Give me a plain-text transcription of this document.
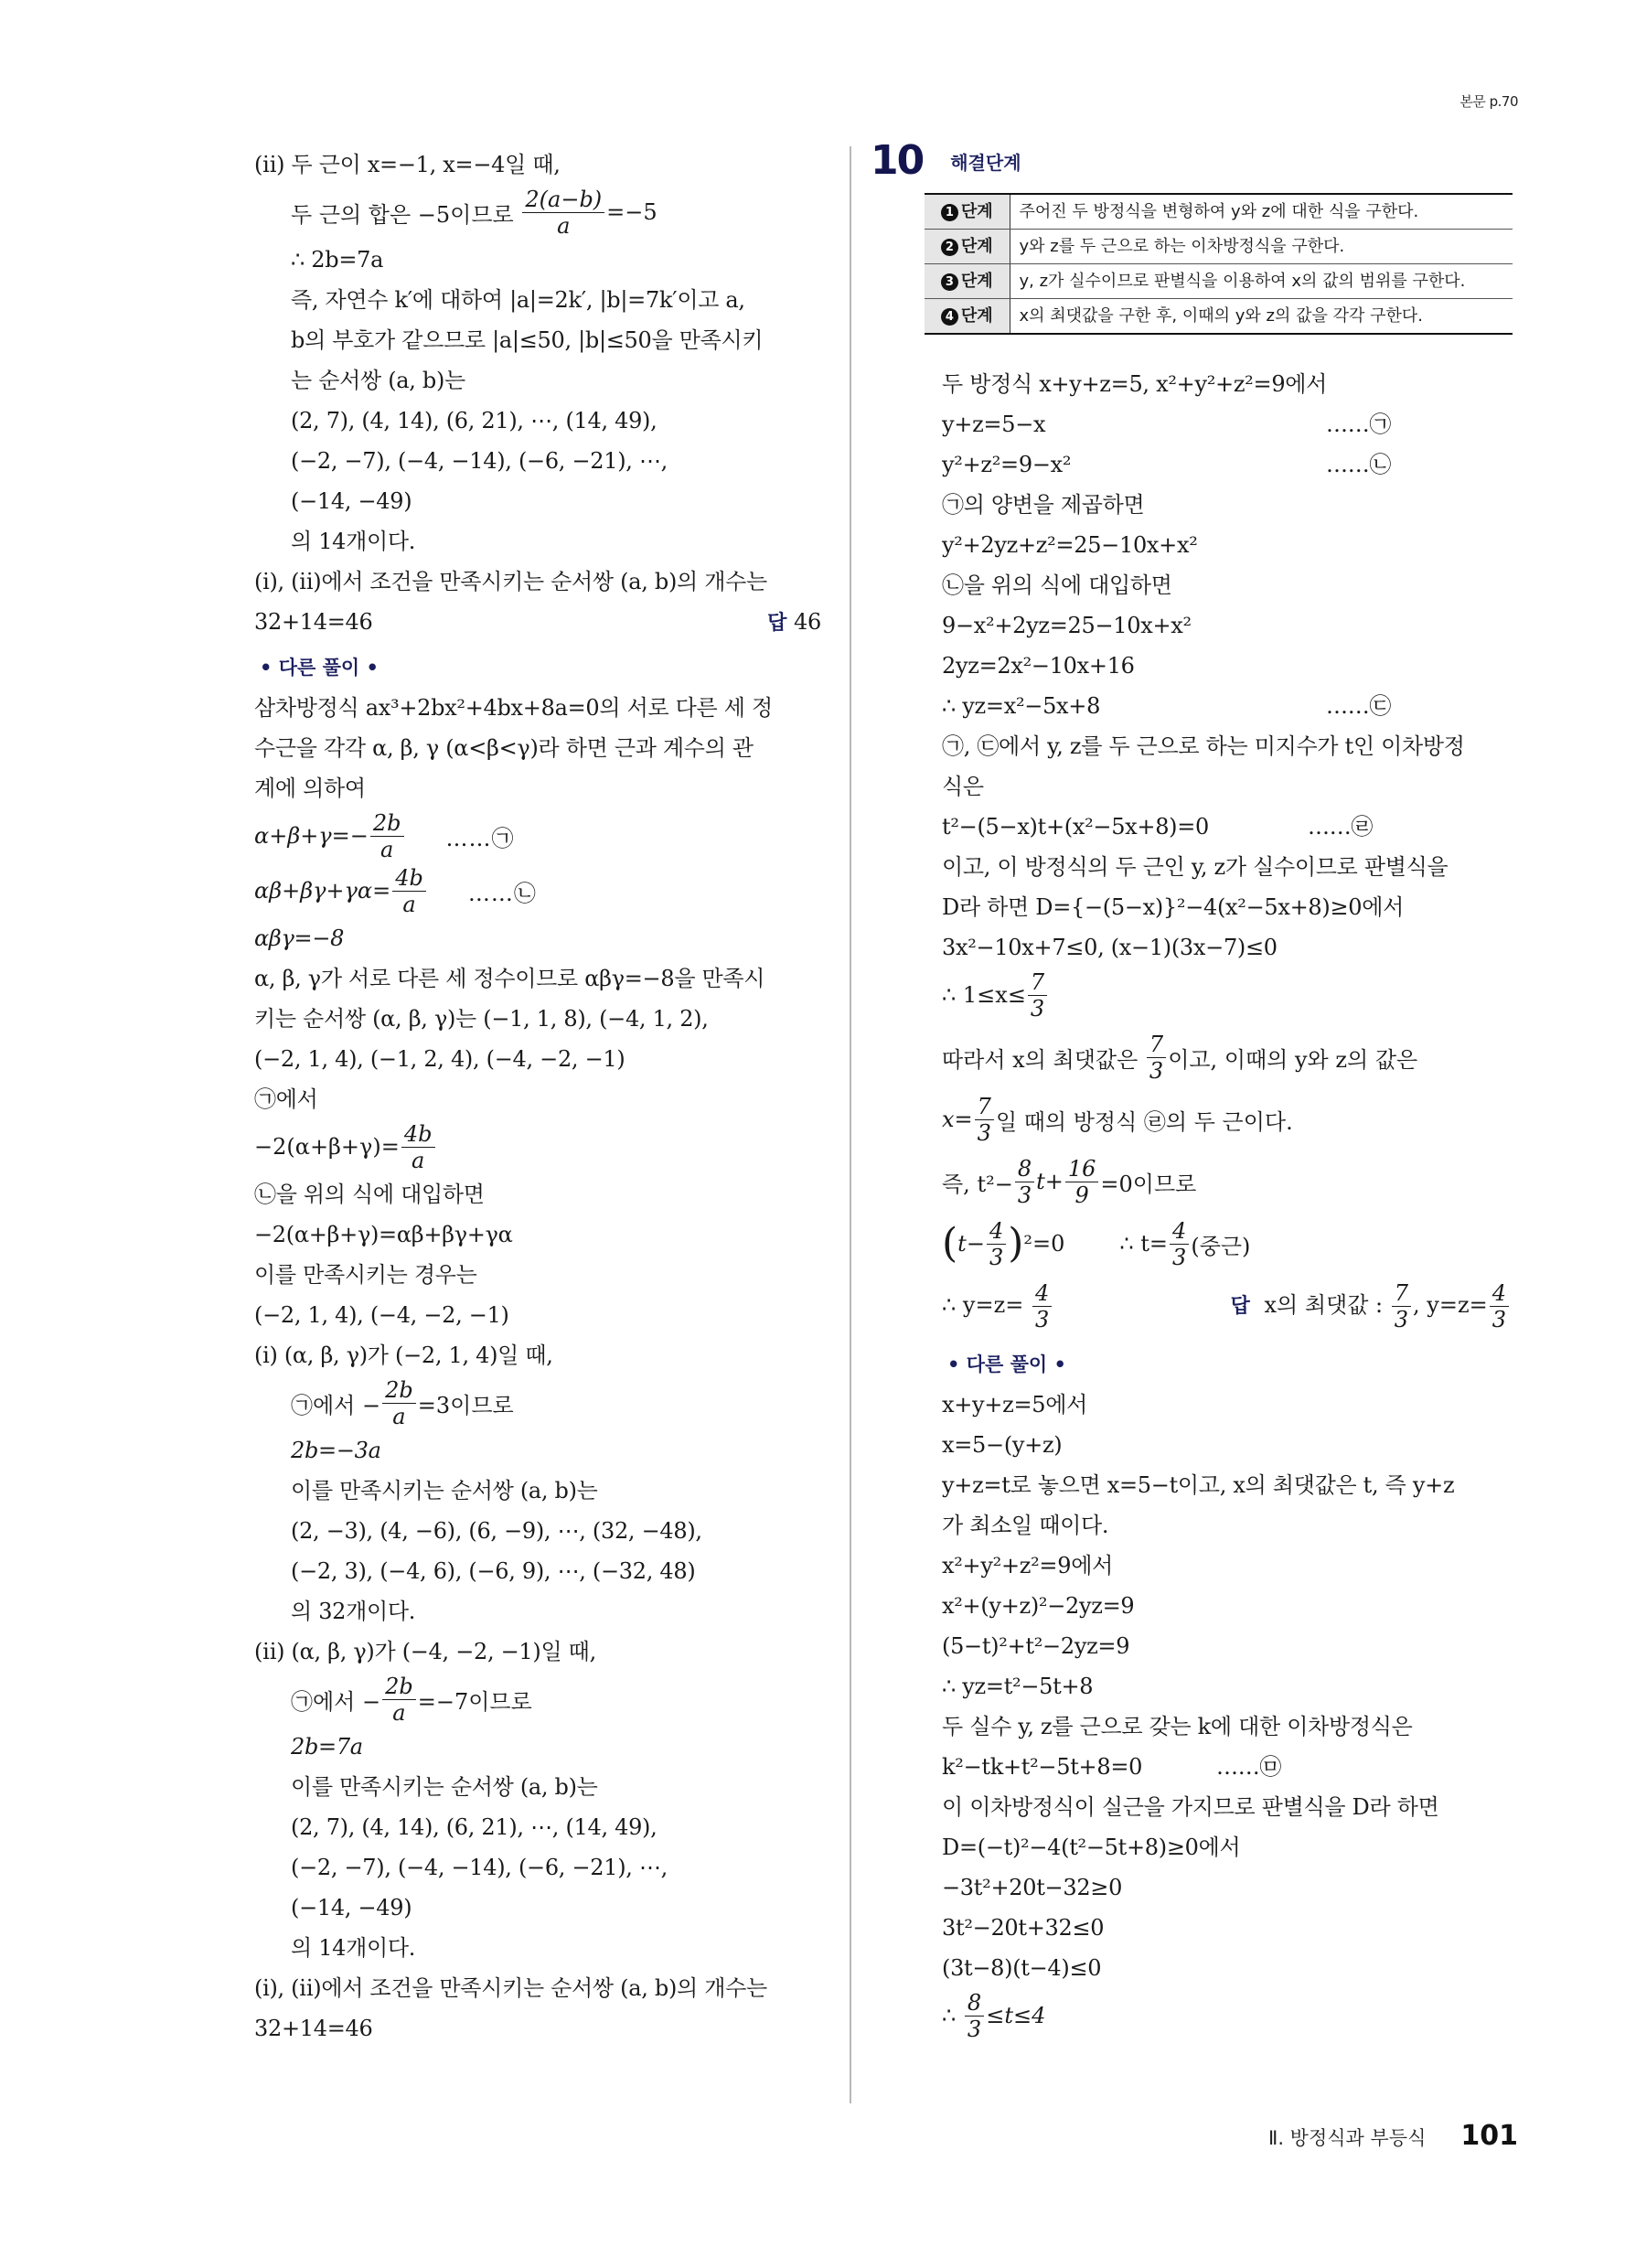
본문 p.70
(ⅱ) 두 근이 x=−1, x=−4일 때,
두 근의 합은 −5이므로
$\frac{2(a-b)}{a} =-5$
∴ 2b=7a
즉, 자연수 k′에 대하여 |a|=2k′, |b|=7k′이고 a,
b의 부호가 같으므로 |a|≤50, |b|≤50을 만족시키
는 순서쌍 (a, b)는
(2, 7), (4, 14), (6, 21), ⋯, (14, 49),
(−2, −7), (−4, −14), (−6, −21), ⋯,
(−14, −49)
의 14개이다.
(ⅰ), (ⅱ)에서 조건을 만족시키는 순서쌍 (a, b)의 개수는
32+14=46	답 46
• 다른 풀이 •
삼차방정식 ax³+2bx²+4bx+8a=0의 서로 다른 세 정
수근을 각각 α, β, γ (α<β<γ)라 하면 근과 계수의 관
계에 의하여
$\alpha+\beta+\gamma=- \frac{2b}{a}$ ……㉠
$\alpha\beta+\beta\gamma+\gamma\alpha= \frac{4b}{a}$ ……㉡
αβγ=−8
α, β, γ가 서로 다른 세 정수이므로 αβγ=−8을 만족시
키는 순서쌍 (α, β, γ)는 (−1, 1, 8), (−4, 1, 2),
(−2, 1, 4), (−1, 2, 4), (−4, −2, −1)
㉠에서
$-2(\alpha+\beta+\gamma)= \frac{4b}{a}$
㉡을 위의 식에 대입하면
−2(α+β+γ)=αβ+βγ+γα
이를 만족시키는 경우는
(−2, 1, 4), (−4, −2, −1)
(ⅰ) (α, β, γ)가 (−2, 1, 4)일 때,
㉠에서 − $\frac{2b}{a} =3$이므로
2b=−3a
이를 만족시키는 순서쌍 (a, b)는
(2, −3), (4, −6), (6, −9), ⋯, (32, −48),
(−2, 3), (−4, 6), (−6, 9), ⋯, (−32, 48)
의 32개이다.
(ⅱ) (α, β, γ)가 (−4, −2, −1)일 때,
㉠에서 − $\frac{2b}{a} =-7$이므로
2b=7a
이를 만족시키는 순서쌍 (a, b)는
(2, 7), (4, 14), (6, 21), ⋯, (14, 49),
(−2, −7), (−4, −14), (−6, −21), ⋯,
(−14, −49)
의 14개이다.
(ⅰ), (ⅱ)에서 조건을 만족시키는 순서쌍 (a, b)의 개수는
32+14=46
10 해결단계
1 단계	주어진 두 방정식을 변형하여 y와 z에 대한 식을 구한다.
2 단계	y와 z를 두 근으로 하는 이차방정식을 구한다.
3 단계	y, z가 실수이므로 판별식을 이용하여 x의 값의 범위를 구한다.
4 단계	x의 최댓값을 구한 후, 이때의 y와 z의 값을 각각 구한다.
두 방정식 x+y+z=5, x²+y²+z²=9에서
y+z=5−x	……㉠
y²+z²=9−x²	……㉡
㉠의 양변을 제곱하면
y²+2yz+z²=25−10x+x²
㉡을 위의 식에 대입하면
9−x²+2yz=25−10x+x²
2yz=2x²−10x+16
∴ yz=x²−5x+8	……㉢
㉠, ㉢에서 y, z를 두 근으로 하는 미지수가 t인 이차방정
식은
t²−(5−x)t+(x²−5x+8)=0	……㉣
이고, 이 방정식의 두 근인 y, z가 실수이므로 판별식을
D라 하면 D={−(5−x)}²−4(x²−5x+8)≥0에서
3x²−10x+7≤0, (x−1)(3x−7)≤0
∴ $1\le x\le \frac{7}{3}$
따라서 x의 최댓값은
$\frac{7}{3}$ 이고, 이때의 y와 z의 값은
$x= \frac{7}{3}$ 일 때의 방정식 ㉣의 두 근이다.
즉, $t^2- \frac{8}{3} t+ \frac{16}{9} =0$이므로
( $t- \frac{4}{3}$ ) ²=0	∴ $t= \frac{4}{3}$ (중근)
∴ $y=z= \frac{4}{3}$	답 x의 최댓값 : $\frac{7}{3}$ , $y=z= \frac{4}{3}$
• 다른 풀이 •
x+y+z=5에서
x=5−(y+z)
y+z=t로 놓으면 x=5−t이고, x의 최댓값은 t, 즉 y+z
가 최소일 때이다.
x²+y²+z²=9에서
x²+(y+z)²−2yz=9
(5−t)²+t²−2yz=9
∴ yz=t²−5t+8
두 실수 y, z를 근으로 갖는 k에 대한 이차방정식은
k²−tk+t²−5t+8=0	……㉤
이 이차방정식이 실근을 가지므로 판별식을 D라 하면
D=(−t)²−4(t²−5t+8)≥0에서
−3t²+20t−32≥0
3t²−20t+32≤0
(3t−8)(t−4)≤0
∴
$\frac{8}{3} \le t\le 4$
Ⅱ. 방정식과 부등식 101
